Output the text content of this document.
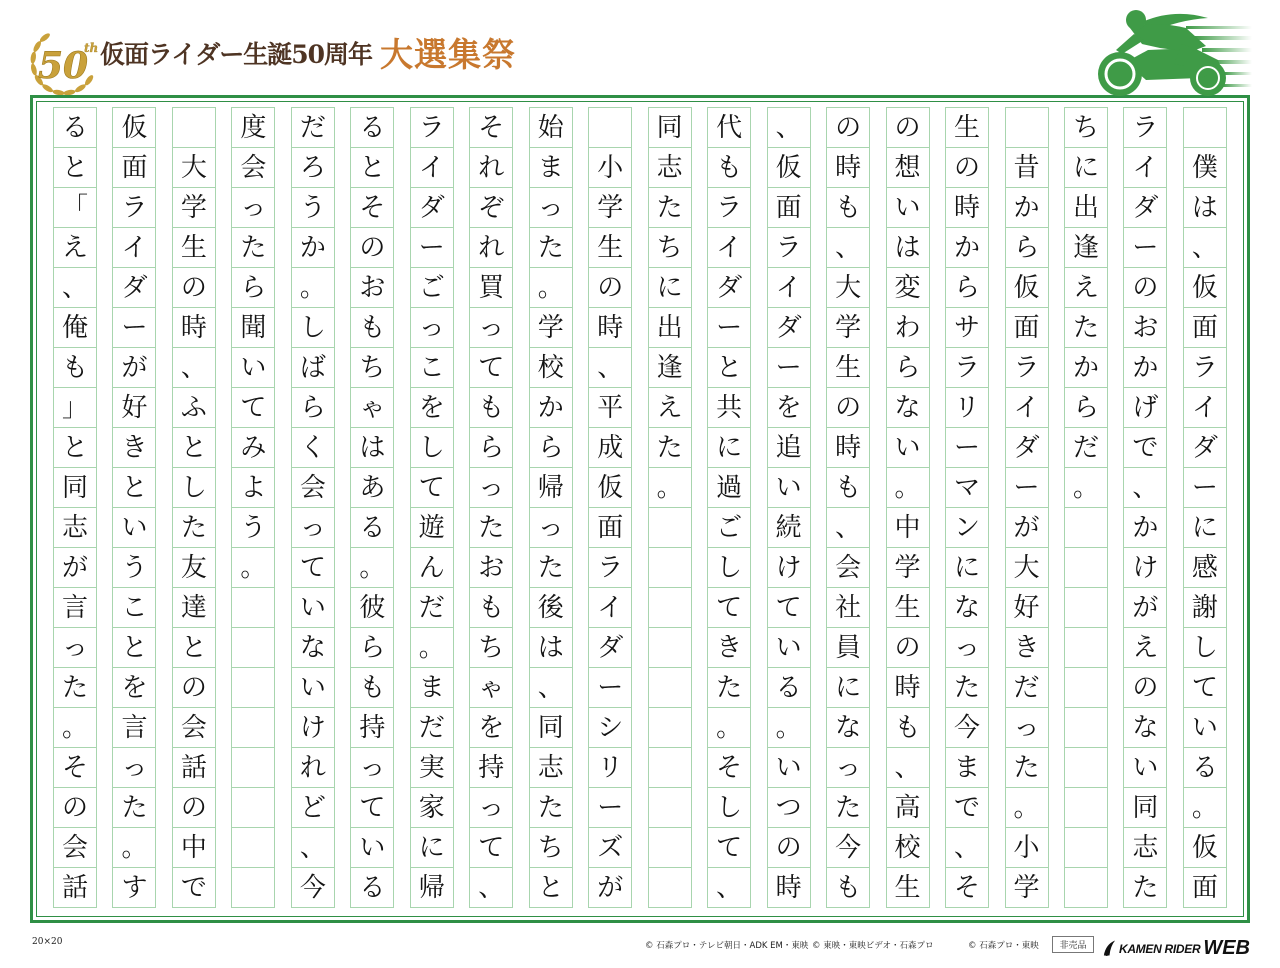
50
th 仮面ライダー生誕50周年 大選集祭
僕
は
、
仮
面
ラ
イ
ダ
ー
に
感
謝
し
て
い
る
。
仮
面
ラ
イ
ダ
ー
の
お
か
げ
で
、
か
け
が
え
の
な
い
同
志
た
ち
に
出
逢
え
た
か
ら
だ
。
昔
か
ら
仮
面
ラ
イ
ダ
ー
が
大
好
き
だ
っ
た
。
小
学
生
の
時
か
ら
サ
ラ
リ
ー
マ
ン
に
な
っ
た
今
ま
で
、
そ
の
想
い
は
変
わ
ら
な
い
。
中
学
生
の
時
も
、
高
校
生
の
時
も
、
大
学
生
の
時
も
、
会
社
員
に
な
っ
た
今
も
、
仮
面
ラ
イ
ダ
ー
を
追
い
続
け
て
い
る
。
い
つ
の
時
代
も
ラ
イ
ダ
ー
と
共
に
過
ご
し
て
き
た
。
そ
し
て
、
同
志
た
ち
に
出
逢
え
た
。
小
学
生
の
時
、
平
成
仮
面
ラ
イ
ダ
ー
シ
リ
ー
ズ
が
始
ま
っ
た
。
学
校
か
ら
帰
っ
た
後
は
、
同
志
た
ち
と
そ
れ
ぞ
れ
買
っ
て
も
ら
っ
た
お
も
ち
ゃ
を
持
っ
て
、
ラ
イ
ダ
ー
ご
っ
こ
を
し
て
遊
ん
だ
。
ま
だ
実
家
に
帰
る
と
そ
の
お
も
ち
ゃ
は
あ
る
。
彼
ら
も
持
っ
て
い
る
だ
ろ
う
か
。
し
ば
ら
く
会
っ
て
い
な
い
け
れ
ど
、
今
度
会
っ
た
ら
聞
い
て
み
よ
う
。
大
学
生
の
時
、
ふ
と
し
た
友
達
と
の
会
話
の
中
で
仮
面
ラ
イ
ダ
ー
が
好
き
と
い
う
こ
と
を
言
っ
た
。
す
る
と
「
え
、
俺
も
」
と
同
志
が
言
っ
た
。
そ
の
会
話
20×20	© 石森プロ・テレビ朝日・ADK EM・東映 © 東映・東映ビデオ・石森プロ	© 石森プロ・東映	非売品	KAMEN RIDER WEB
